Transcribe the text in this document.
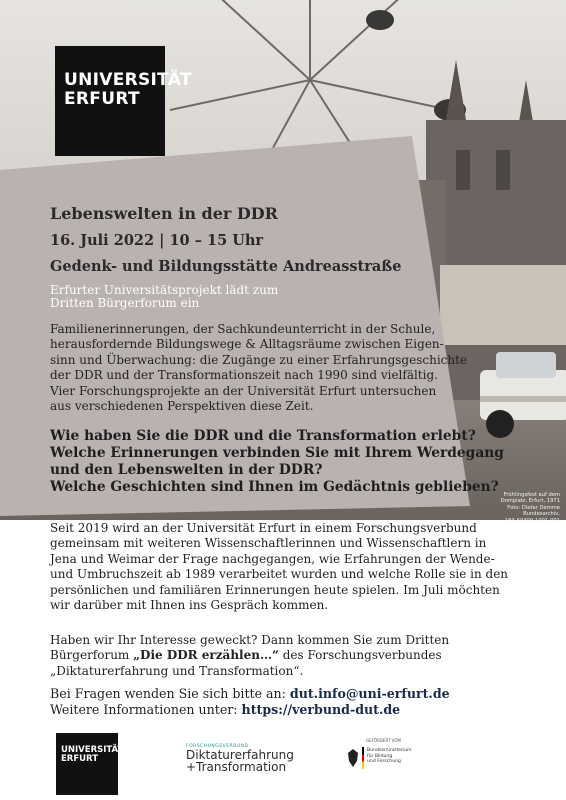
UNIVERSITÄT
ERFURT
Lebenswelten in der DDR
16. Juli 2022 | 10 – 15 Uhr
Gedenk- und Bildungsstätte Andreasstraße
Erfurter Universitätsprojekt lädt zum
Dritten Bürgerforum ein
Familienerinnerungen, der Sachkundeunterricht in der Schule,
herausfordernde Bildungswege & Alltagsräume zwischen Eigen-
sinn und Überwachung: die Zugänge zu einer Erfahrungsgeschichte
der DDR und der Transformationszeit nach 1990 sind vielfältig.
Vier Forschungsprojekte an der Universität Erfurt untersuchen
aus verschiedenen Perspektiven diese Zeit.
Wie haben Sie die DDR und die Transformation erlebt?
Welche Erinnerungen verbinden Sie mit Ihrem Werdegang
und den Lebenswelten in der DDR?
Welche Geschichten sind Ihnen im Gedächtnis geblieben? Frühlingsfest auf dem
Domplatz, Erfurt, 1971
Foto: Dieter Demme
Bundesarchiv,
183-K0409-1001-001
Seit 2019 wird an der Universität Erfurt in einem Forschungsverbund
gemeinsam mit weiteren Wissenschaftlerinnen und Wissenschaftlern in
Jena und Weimar der Frage nachgegangen, wie Erfahrungen der Wende-
und Umbruchszeit ab 1989 verarbeitet wurden und welche Rolle sie in den
persönlichen und familiären Erinnerungen heute spielen. Im Juli möchten
wir darüber mit Ihnen ins Gespräch kommen.
Haben wir Ihr Interesse geweckt? Dann kommen Sie zum Dritten
Bürgerforum „Die DDR erzählen…“ des Forschungsverbundes
„Diktaturerfahrung und Transformation“.
Bei Fragen wenden Sie sich bitte an: dut.info@uni-erfurt.de
Weitere Informationen unter: https://verbund-dut.de
UNIVERSITÄT
ERFURT
FORSCHUNGSVERBUND
Diktaturerfahrung
+Transformation
GEFÖRDERT VOM
Bundesministerium
für Bildung
und Forschung
